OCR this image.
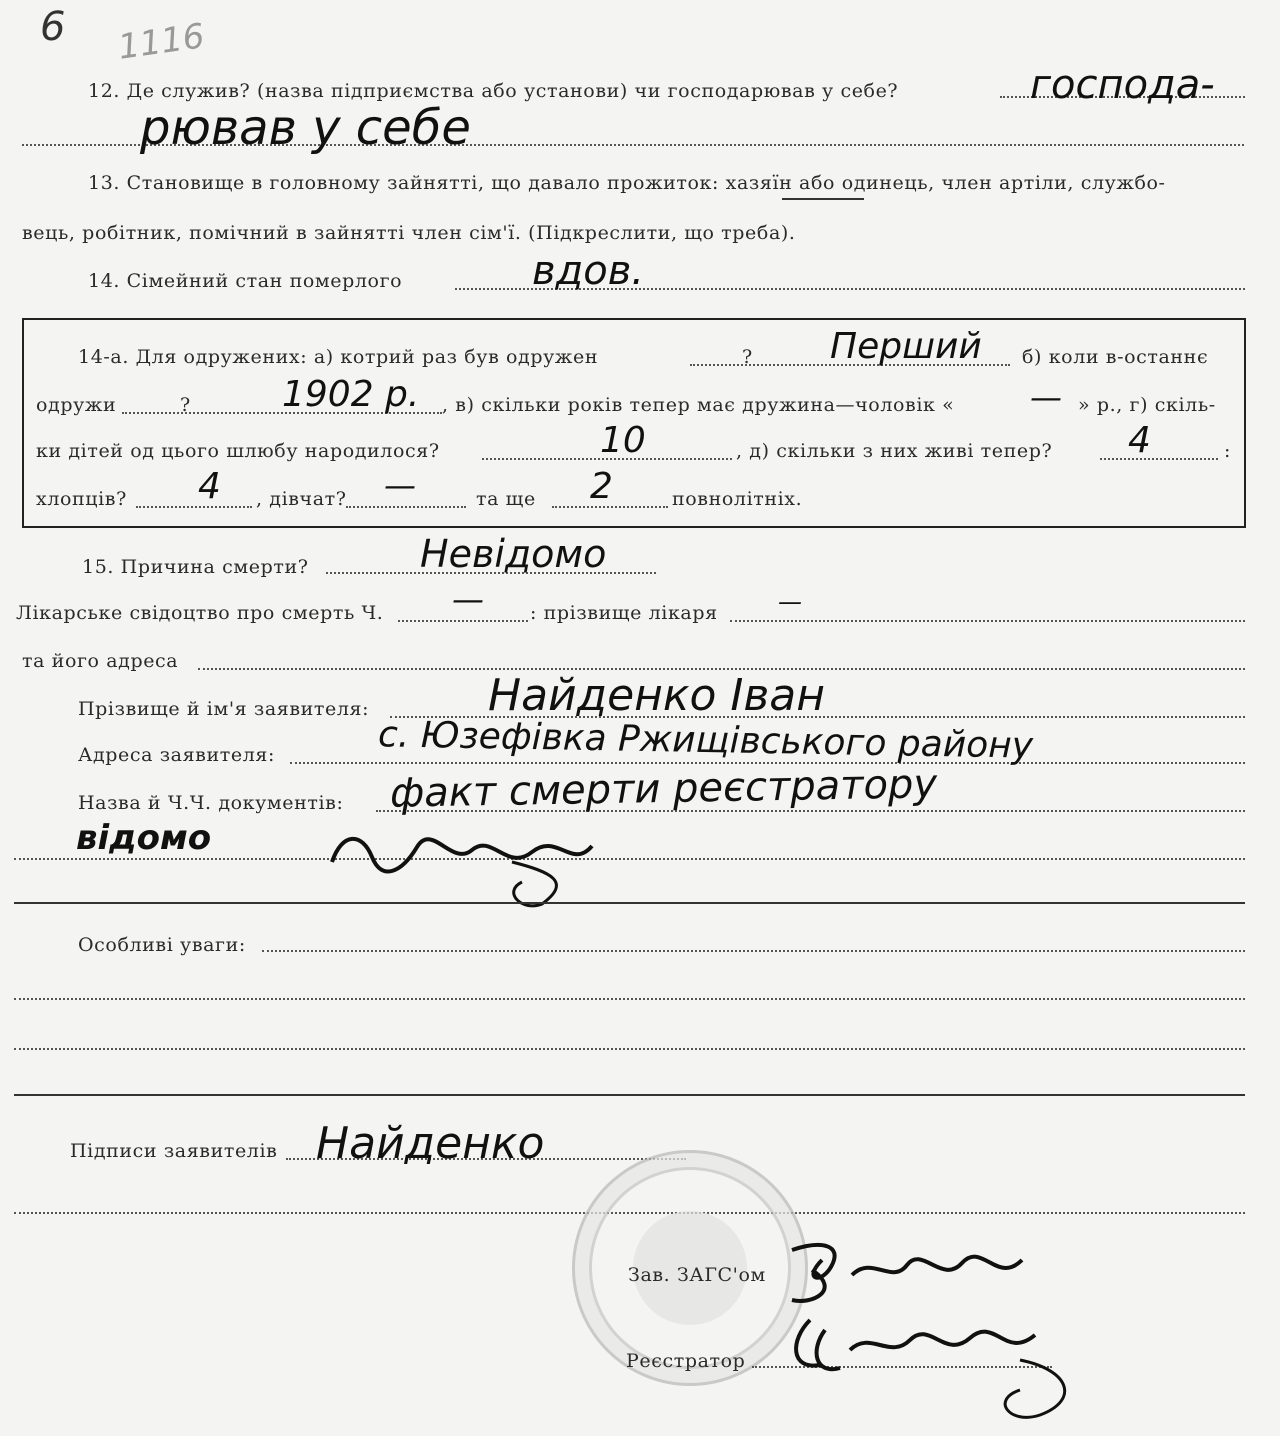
6 1116
12. Де служив? (назва підприємства або установи) чи господарював у себе?	господа-
рював у себе
13. Становище в головному зайнятті, що давало прожиток: хазяїн або одинець, член артіли, службо-
вець, робітник, помічний в зайнятті член сім'ї. (Підкреслити, що треба).
14. Сімейний стан померлого	вдов.
14-а. Для одружених: а) котрий раз був одружен	? Перший б) коли в-останнє
одружи	?	1902 р. , в) скільки років тепер має дружина—чоловік « — » р., г) скіль-
ки дітей од цього шлюбу народилося?	10	, д) скільки з них живі тепер? 4	:
хлопців? 4 , дівчат? —	та ще 2	повнолітніх.
15. Причина смерти?	Невідомо
Лікарське свідоцтво про смерть Ч. — : прізвище лікаря	—
та його адреса
Прізвище й ім'я заявителя:	Найденко Іван
Адреса заявителя:	с. Юзефівка Ржищівського району
Назва й Ч.Ч. документів: факт смерти реєстратору
відомо
Особливі уваги:
Підписи заявителів Найденко
Зав. ЗАГС'ом
Реєстратор
